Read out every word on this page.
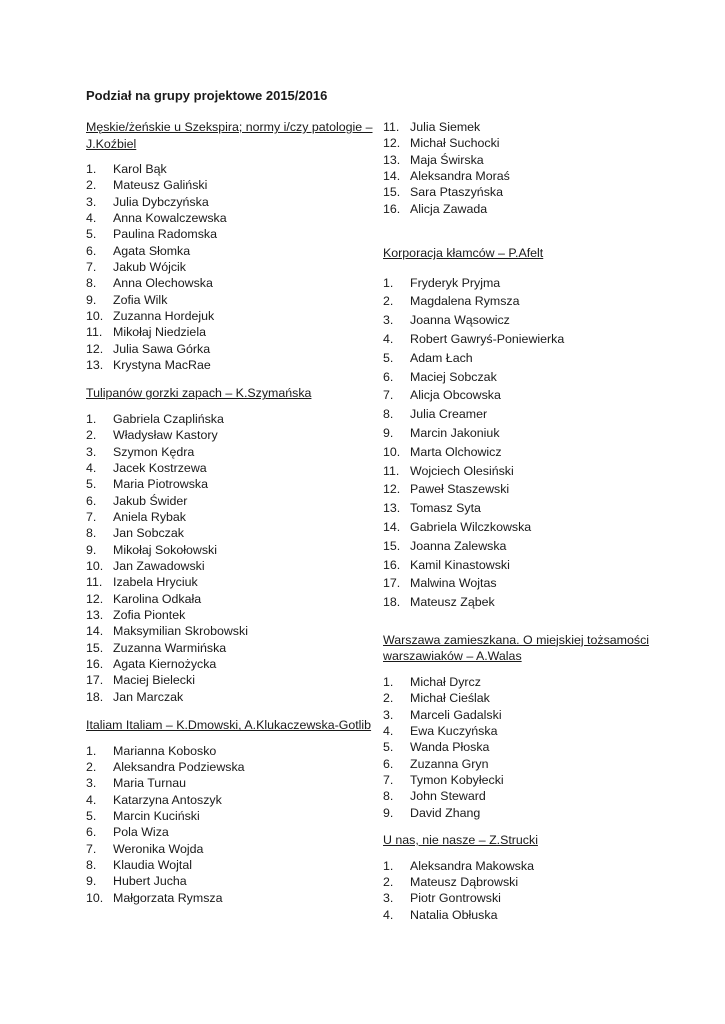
Podział na grupy projektowe 2015/2016
Męskie/żeńskie u Szekspira; normy i/czy patologie – J.Koźbiel
1.	Karol Bąk
2.	Mateusz Galiński
3.	Julia Dybczyńska
4.	Anna Kowalczewska
5.	Paulina Radomska
6.	Agata Słomka
7.	Jakub Wójcik
8.	Anna Olechowska
9.	Zofia Wilk
10. Zuzanna Hordejuk
11. Mikołaj Niedziela
12. Julia Sawa Górka
13. Krystyna MacRae
Tulipanów gorzki zapach – K.Szymańska
1.	Gabriela Czaplińska
2.	Władysław Kastory
3.	Szymon Kędra
4.	Jacek Kostrzewa
5.	Maria Piotrowska
6.	Jakub Świder
7.	Aniela Rybak
8.	Jan Sobczak
9.	Mikołaj Sokołowski
10. Jan Zawadowski
11. Izabela Hryciuk
12. Karolina Odkała
13. Zofia Piontek
14. Maksymilian Skrobowski
15. Zuzanna Warmińska
16. Agata Kiernożycka
17. Maciej Bielecki
18. Jan Marczak
Italiam Italiam – K.Dmowski, A.Klukaczewska-Gotlib
1.	Marianna Kobosko
2.	Aleksandra Podziewska
3.	Maria Turnau
4.	Katarzyna Antoszyk
5.	Marcin Kuciński
6.	Pola Wiza
7.	Weronika Wojda
8.	Klaudia Wojtal
9.	Hubert Jucha
10. Małgorzata Rymsza
11. Julia Siemek
12. Michał Suchocki
13. Maja Świrska
14. Aleksandra Moraś
15. Sara Ptaszyńska
16. Alicja Zawada
Korporacja kłamców – P.Afelt
1.	Fryderyk Pryjma
2.	Magdalena Rymsza
3.	Joanna Wąsowicz
4.	Robert Gawryś-Poniewierka
5.	Adam Łach
6.	Maciej Sobczak
7.	Alicja Obcowska
8.	Julia Creamer
9.	Marcin Jakoniuk
10. Marta Olchowicz
11. Wojciech Olesiński
12. Paweł Staszewski
13. Tomasz Syta
14. Gabriela Wilczkowska
15. Joanna Zalewska
16. Kamil Kinastowski
17. Malwina Wojtas
18. Mateusz Ząbek
Warszawa zamieszkana. O miejskiej tożsamości warszawiaków – A.Walas
1.	Michał Dyrcz
2.	Michał Cieślak
3.	Marceli Gadalski
4.	Ewa Kuczyńska
5.	Wanda Płoska
6.	Zuzanna Gryn
7.	Tymon Kobyłecki
8.	John Steward
9.	David Zhang
U nas, nie nasze – Z.Strucki
1.	Aleksandra Makowska
2.	Mateusz Dąbrowski
3.	Piotr Gontrowski
4.	Natalia Obłuska
